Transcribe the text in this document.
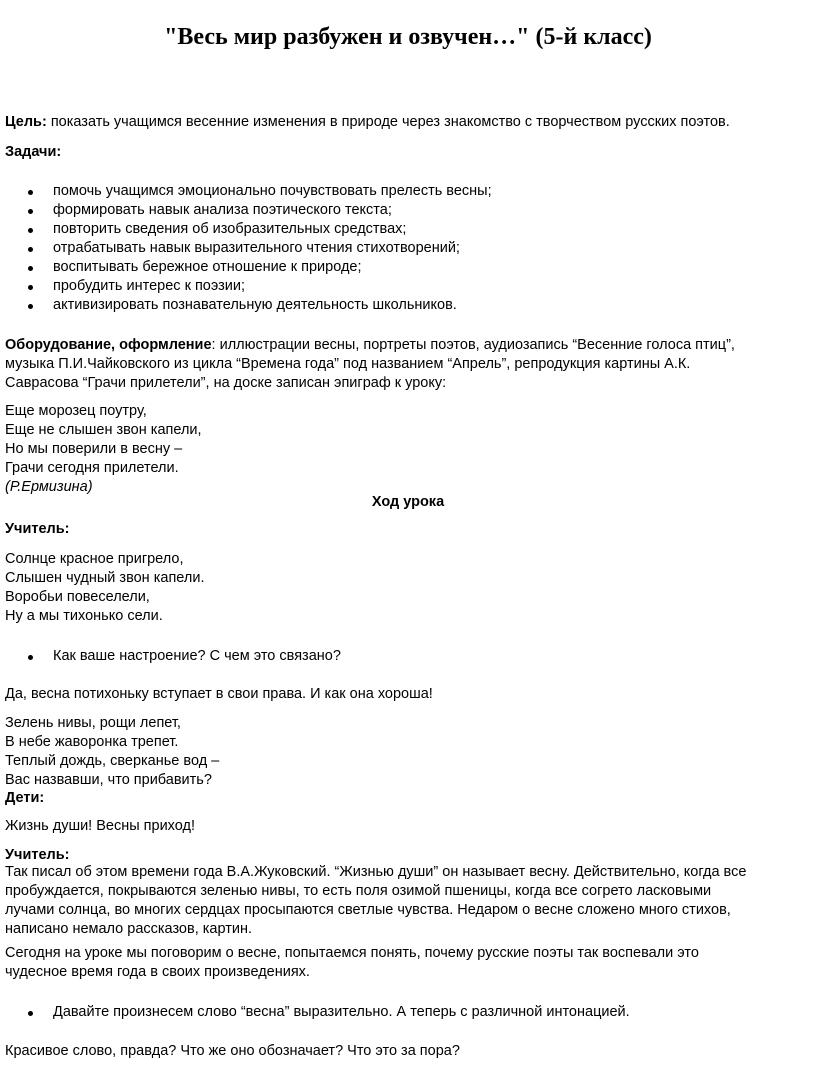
"Весь мир разбужен и озвучен…" (5-й класс)

Цель: показать учащимся весенние изменения в природе через знакомство с творчеством русских поэтов.

Задачи:

помочь учащимся эмоционально почувствовать прелесть весны;
формировать навык анализа поэтического текста;
повторить сведения об изобразительных средствах;
отрабатывать навык выразительного чтения стихотворений;
воспитывать бережное отношение к природе;
пробудить интерес к поэзии;
активизировать познавательную деятельность школьников.
Оборудование, оформление: иллюстрации весны, портреты поэтов, аудиозапись “Весенние голоса птиц”,
музыка П.И.Чайковского из цикла “Времена года” под названием “Апрель”, репродукция картины А.К.
Саврасова “Грачи прилетели”, на доске записан эпиграф к уроку:
Еще морозец поутру,
Еще не слышен звон капели,
Но мы поверили в весну –
Грачи сегодня прилетели.
(Р.Ермизина)

Ход урока

Учитель:

Солнце красное пригрело,
Слышен чудный звон капели.
Воробьи повеселели,
Ну а мы тихонько сели.
Как ваше настроение? С чем это связано?

Да, весна потихоньку вступает в свои права. И как она хороша!

Зелень нивы, рощи лепет,
В небе жаворонка трепет.
Теплый дождь, сверканье вод –
Вас назвавши, что прибавить?

Дети:

Жизнь души! Весны приход!

Учитель:

Так писал об этом времени года В.А.Жуковский. “Жизнью души” он называет весну. Действительно, когда все
пробуждается, покрываются зеленью нивы, то есть поля озимой пшеницы, когда все согрето ласковыми
лучами солнца, во многих сердцах просыпаются светлые чувства. Недаром о весне сложено много стихов,
написано немало рассказов, картин.
Сегодня на уроке мы поговорим о весне, попытаемся понять, почему русские поэты так воспевали это
чудесное время года в своих произведениях.
Давайте произнесем слово “весна” выразительно. А теперь с различной интонацией.

Красивое слово, правда? Что же оно обозначает? Что это за пора?
